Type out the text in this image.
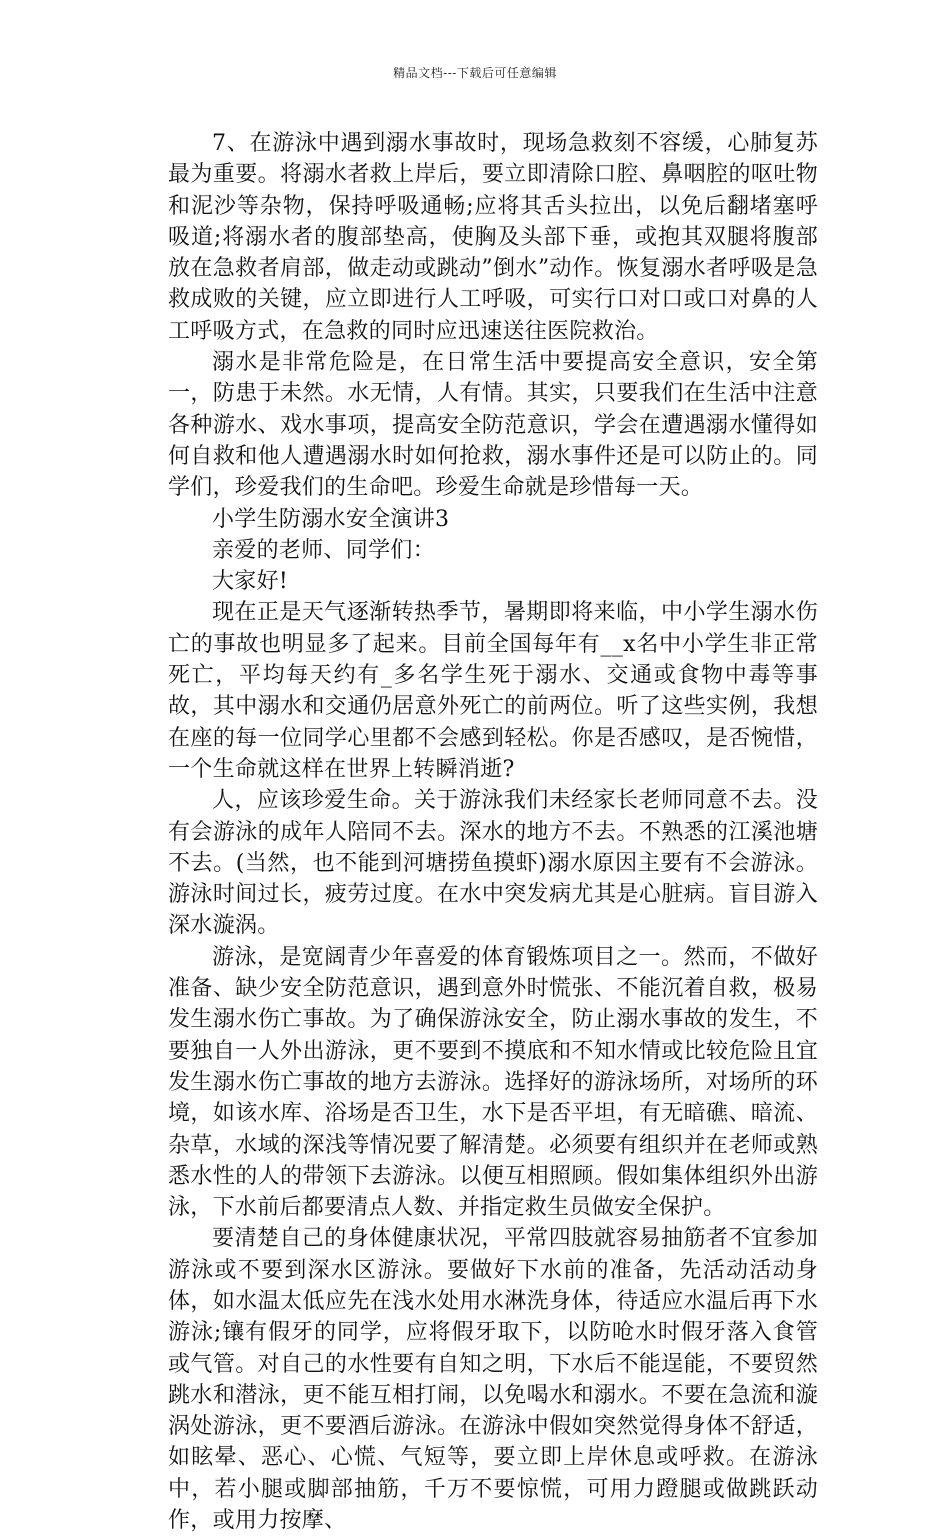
精品文档---下载后可任意编辑

7、在游泳中遇到溺水事故时，现场急救刻不容缓，心肺复苏最为重要。将溺水者救上岸后，要立即清除口腔、鼻咽腔的呕吐物和泥沙等杂物，保持呼吸通畅;应将其舌头拉出，以免后翻堵塞呼吸道;将溺水者的腹部垫高，使胸及头部下垂，或抱其双腿将腹部放在急救者肩部，做走动或跳动”倒水”动作。恢复溺水者呼吸是急救成败的关键，应立即进行人工呼吸，可实行口对口或口对鼻的人工呼吸方式，在急救的同时应迅速送往医院救治。

溺水是非常危险是，在日常生活中要提高安全意识，安全第一，防患于未然。水无情，人有情。其实，只要我们在生活中注意各种游水、戏水事项，提高安全防范意识，学会在遭遇溺水懂得如何自救和他人遭遇溺水时如何抢救，溺水事件还是可以防止的。同学们，珍爱我们的生命吧。珍爱生命就是珍惜每一天。

小学生防溺水安全演讲3

亲爱的老师、同学们：

大家好!

现在正是天气逐渐转热季节，暑期即将来临，中小学生溺水伤亡的事故也明显多了起来。目前全国每年有__x名中小学生非正常死亡，平均每天约有_多名学生死于溺水、交通或食物中毒等事故，其中溺水和交通仍居意外死亡的前两位。听了这些实例，我想在座的每一位同学心里都不会感到轻松。你是否感叹，是否惋惜，一个生命就这样在世界上转瞬消逝?

人，应该珍爱生命。关于游泳我们未经家长老师同意不去。没有会游泳的成年人陪同不去。深水的地方不去。不熟悉的江溪池塘不去。(当然，也不能到河塘捞鱼摸虾)溺水原因主要有不会游泳。游泳时间过长，疲劳过度。在水中突发病尤其是心脏病。盲目游入深水漩涡。

游泳，是宽阔青少年喜爱的体育锻炼项目之一。然而，不做好准备、缺少安全防范意识，遇到意外时慌张、不能沉着自救，极易发生溺水伤亡事故。为了确保游泳安全，防止溺水事故的发生，不要独自一人外出游泳，更不要到不摸底和不知水情或比较危险且宜发生溺水伤亡事故的地方去游泳。选择好的游泳场所，对场所的环境，如该水库、浴场是否卫生，水下是否平坦，有无暗礁、暗流、杂草，水域的深浅等情况要了解清楚。必须要有组织并在老师或熟悉水性的人的带领下去游泳。以便互相照顾。假如集体组织外出游泳，下水前后都要清点人数、并指定救生员做安全保护。

要清楚自己的身体健康状况，平常四肢就容易抽筋者不宜参加游泳或不要到深水区游泳。要做好下水前的准备，先活动活动身体，如水温太低应先在浅水处用水淋洗身体，待适应水温后再下水游泳;镶有假牙的同学，应将假牙取下，以防呛水时假牙落入食管或气管。对自己的水性要有自知之明，下水后不能逞能，不要贸然跳水和潜泳，更不能互相打闹，以免喝水和溺水。不要在急流和漩涡处游泳，更不要酒后游泳。在游泳中假如突然觉得身体不舒适，如眩晕、恶心、心慌、气短等，要立即上岸休息或呼救。在游泳中，若小腿或脚部抽筋，千万不要惊慌，可用力蹬腿或做跳跃动作，或用力按摩、
